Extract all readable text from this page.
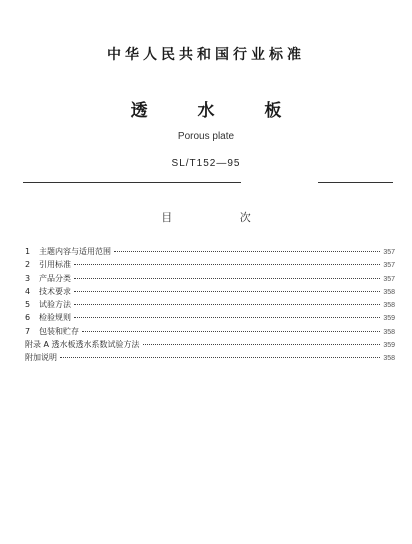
中华人民共和国行业标准
透 水 板
Porous plate
SL/T152—95
目 次
1	主题内容与适用范围	357
2	引用标准	357
3	产品分类	357
4	技术要求	358
5	试验方法	358
6	检验规则	359
7	包装和贮存	358
附录 A 透水板透水系数试验方法	359
附加说明	358
